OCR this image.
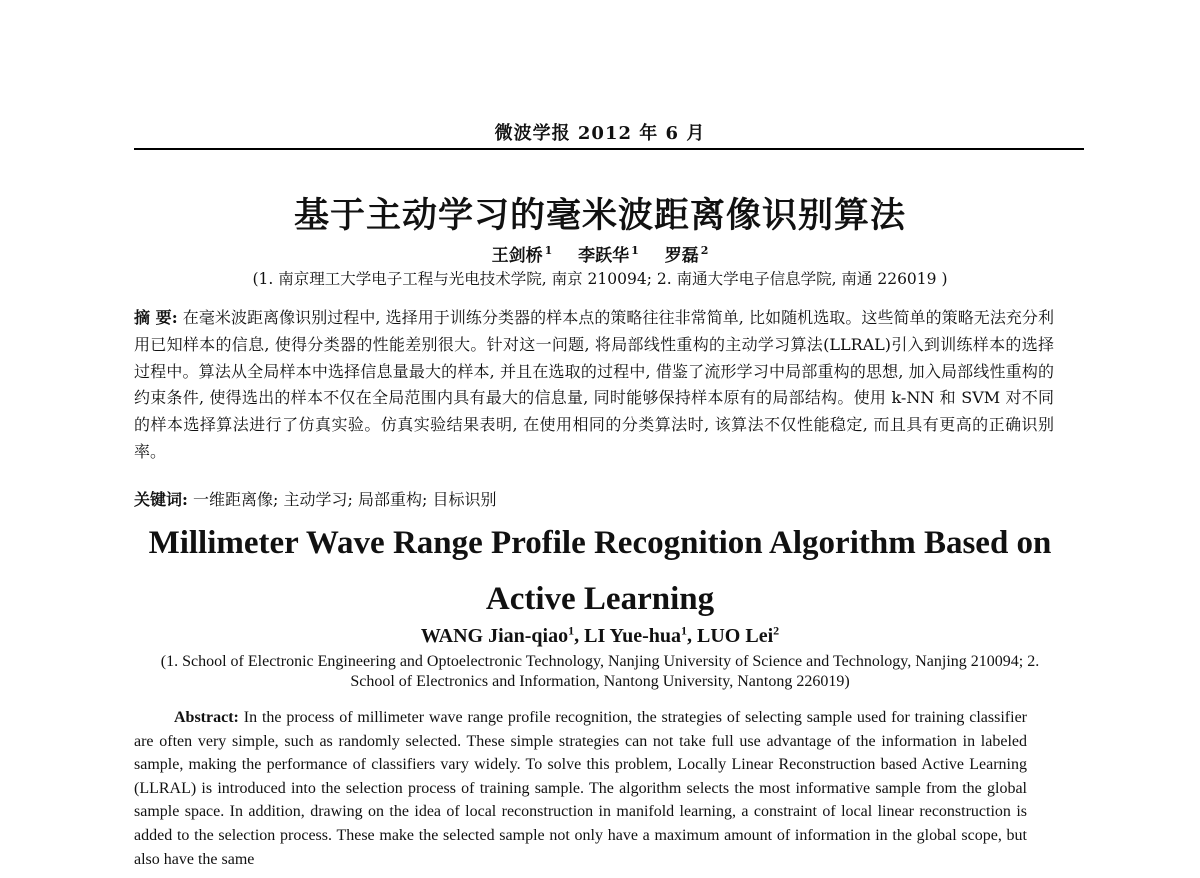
微波学报 2012 年 6 月
基于主动学习的毫米波距离像识别算法
王剑桥 $^1$ 李跃华 $^1$ 罗磊 $^2$
(1. 南京理工大学电子工程与光电技术学院, 南京 210094; 2. 南通大学电子信息学院, 南通 226019 )
摘 要: 在毫米波距离像识别过程中, 选择用于训练分类器的样本点的策略往往非常简单, 比如随机选取。这些简单的策略无法充分利用已知样本的信息, 使得分类器的性能差别很大。针对这一问题, 将局部线性重构的主动学习算法(LLRAL)引入到训练样本的选择过程中。算法从全局样本中选择信息量最大的样本, 并且在选取的过程中, 借鉴了流形学习中局部重构的思想, 加入局部线性重构的约束条件, 使得选出的样本不仅在全局范围内具有最大的信息量, 同时能够保持样本原有的局部结构。使用 k-NN 和 SVM 对不同的样本选择算法进行了仿真实验。仿真实验结果表明, 在使用相同的分类算法时, 该算法不仅性能稳定, 而且具有更高的正确识别率。
关键词: 一维距离像; 主动学习; 局部重构; 目标识别
Millimeter Wave Range Profile Recognition Algorithm Based on Active Learning
WANG Jian-qiao$^1$, LI Yue-hua$^1$, LUO Lei$^2$
(1. School of Electronic Engineering and Optoelectronic Technology, Nanjing University of Science and Technology, Nanjing 210094; 2. School of Electronics and Information, Nantong University, Nantong 226019)
Abstract: In the process of millimeter wave range profile recognition, the strategies of selecting sample used for training classifier are often very simple, such as randomly selected. These simple strategies can not take full use advantage of the information in labeled sample, making the performance of classifiers vary widely. To solve this problem, Locally Linear Reconstruction based Active Learning (LLRAL) is introduced into the selection process of training sample. The algorithm selects the most informative sample from the global sample space. In addition, drawing on the idea of local reconstruction in manifold learning, a constraint of local linear reconstruction is added to the selection process. These make the selected sample not only have a maximum amount of information in the global scope, but also have the same
